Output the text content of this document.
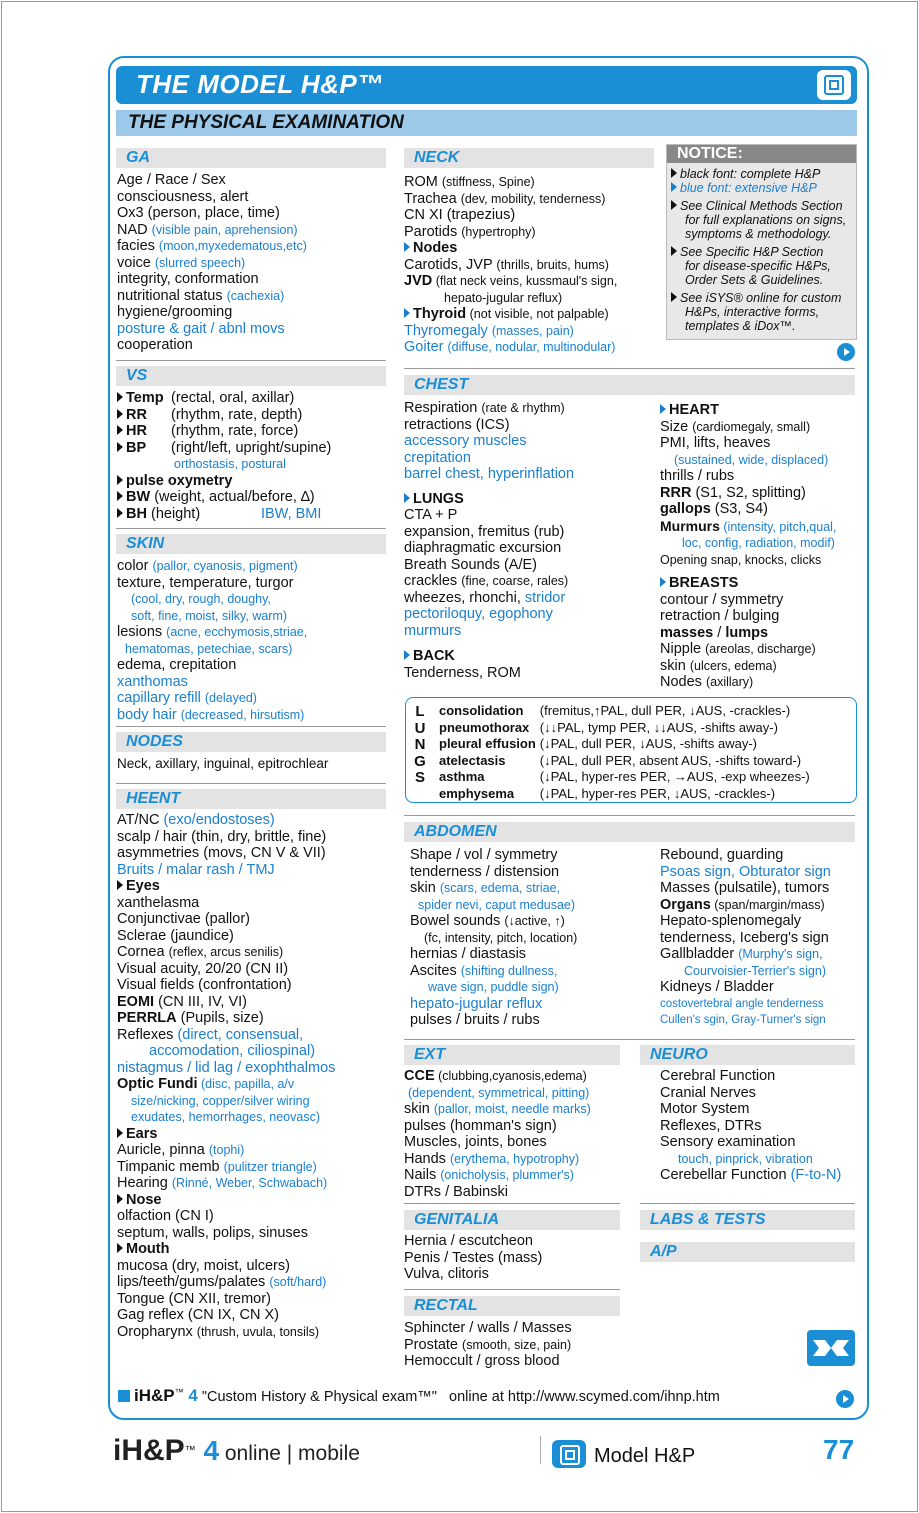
THE MODEL H&P™
THE PHYSICAL EXAMINATION
GA
VS
SKIN
NODES
HEENT
NECK
CHEST
ABDOMEN
EXT	NEURO
GENITALIA	LABS & TESTS
A/P
RECTAL
Age / Race / Sex
consciousness, alert
Ox3 (person, place, time)
NAD (visible pain, aprehension)
facies (moon,myxedematous,etc)
voice (slurred speech)
integrity, conformation
nutritional status (cachexia)
hygiene/grooming
posture & gait / abnl movs
cooperation
Temp (rectal, oral, axillar)
RR (rhythm, rate, depth)
HR (rhythm, rate, force)
BP (right/left, upright/supine)
orthostasis, postural
pulse oxymetry
BW (weight, actual/before, ∆)
BH (height)	IBW, BMI
color (pallor, cyanosis, pigment)
texture, temperature, turgor
(cool, dry, rough, doughy,
soft, fine, moist, silky, warm)
lesions (acne, ecchymosis,striae,
hematomas, petechiae, scars)
edema, crepitation
xanthomas
capillary refill (delayed)
body hair (decreased, hirsutism)
Neck, axillary, inguinal, epitrochlear
AT/NC (exo/endostoses)
scalp / hair (thin, dry, brittle, fine)
asymmetries (movs, CN V & VII)
Bruits / malar rash / TMJ
Eyes
xanthelasma
Conjunctivae (pallor)
Sclerae (jaundice)
Cornea (reflex, arcus senilis)
Visual acuity, 20/20 (CN II)
Visual fields (confrontation)
EOMI (CN III, IV, VI)
PERRLA (Pupils, size)
Reflexes (direct, consensual,
accomodation, ciliospinal)
nistagmus / lid lag / exophthalmos
Optic Fundi (disc, papilla, a/v
size/nicking, copper/silver wiring
exudates, hemorrhages, neovasc)
Ears
Auricle, pinna (tophi)
Timpanic memb (pulitzer triangle)
Hearing (Rinné, Weber, Schwabach)
Nose
olfaction (CN I)
septum, walls, polips, sinuses
Mouth
mucosa (dry, moist, ulcers)
lips/teeth/gums/palates (soft/hard)
Tongue (CN XII, tremor)
Gag reflex (CN IX, CN X)
Oropharynx (thrush, uvula, tonsils)
ROM (stiffness, Spine)
Trachea (dev, mobility, tenderness)
CN XI (trapezius)
Parotids (hypertrophy)
Nodes
Carotids, JVP (thrills, bruits, hums)
JVD (flat neck veins, kussmaul's sign,
hepato-jugular reflux)
Thyroid (not visible, not palpable)
Thyromegaly (masses, pain)
Goiter (diffuse, nodular, multinodular)
NOTICE:
black font: complete H&P
blue font: extensive H&P
See Clinical Methods Section
for full explanations on signs,
symptoms & methodology.
See Specific H&P Section
for disease-specific H&Ps,
Order Sets & Guidelines.
See iSYS® online for custom
H&Ps, interactive forms,
templates & iDox™.
Respiration (rate & rhythm)
retractions (ICS)
accessory muscles
crepitation
barrel chest, hyperinflation
LUNGS
CTA + P
expansion, fremitus (rub)
diaphragmatic excursion
Breath Sounds (A/E)
crackles (fine, coarse, rales)
wheezes, rhonchi, stridor
pectoriloquy, egophony
murmurs
BACK
Tenderness, ROM
HEART
Size (cardiomegaly, small)
PMI, lifts, heaves
(sustained, wide, displaced)
thrills / rubs
RRR (S1, S2, splitting)
gallops (S3, S4)
Murmurs (intensity, pitch,qual,
loc, config, radiation, modif)
Opening snap, knocks, clicks
BREASTS
contour / symmetry
retraction / bulging
masses / lumps
Nipple (areolas, discharge)
skin (ulcers, edema)
Nodes (axillary)
L
U
N
G
S
consolidation	(fremitus,↑PAL, dull PER, ↓AUS, -crackles-)
pneumothorax	(↓↓PAL, tymp PER, ↓↓AUS, -shifts away-)
pleural effusion	(↓PAL, dull PER, ↓AUS, -shifts away-)
atelectasis	(↓PAL, dull PER, absent AUS, -shifts toward-)
asthma	(↓PAL, hyper-res PER, →AUS, -exp wheezes-)
emphysema	(↓PAL, hyper-res PER, ↓AUS, -crackles-)
Shape / vol / symmetry
tenderness / distension
skin (scars, edema, striae,
spider nevi, caput medusae)
Bowel sounds (↓active, ↑)
(fc, intensity, pitch, location)
hernias / diastasis
Ascites (shifting dullness,
wave sign, puddle sign)
hepato-jugular reflux
pulses / bruits / rubs
Rebound, guarding
Psoas sign, Obturator sign
Masses (pulsatile), tumors
Organs (span/margin/mass)
Hepato-splenomegaly
tenderness, Iceberg's sign
Gallbladder (Murphy's sign,
Courvoisier-Terrier's sign)
Kidneys / Bladder
costovertebral angle tenderness
Cullen's sgin, Gray-Turner's sign
CCE (clubbing,cyanosis,edema)
(dependent, symmetrical, pitting)
skin (pallor, moist, needle marks)
pulses (homman's sign)
Muscles, joints, bones
Hands (erythema, hypotrophy)
Nails (onicholysis, plummer's)
DTRs / Babinski
Cerebral Function
Cranial Nerves
Motor System
Reflexes, DTRs
Sensory examination
touch, pinprick, vibration
Cerebellar Function (F-to-N)
Hernia / escutcheon
Penis / Testes (mass)
Vulva, clitoris
Sphincter / walls / Masses
Prostate (smooth, size, pain)
Hemoccult / gross blood
iH&P™ 4 "Custom History & Physical exam™" online at http://www.scymed.com/ihnp.htm
iH&P™ 4 online | mobile	Model H&P	77
